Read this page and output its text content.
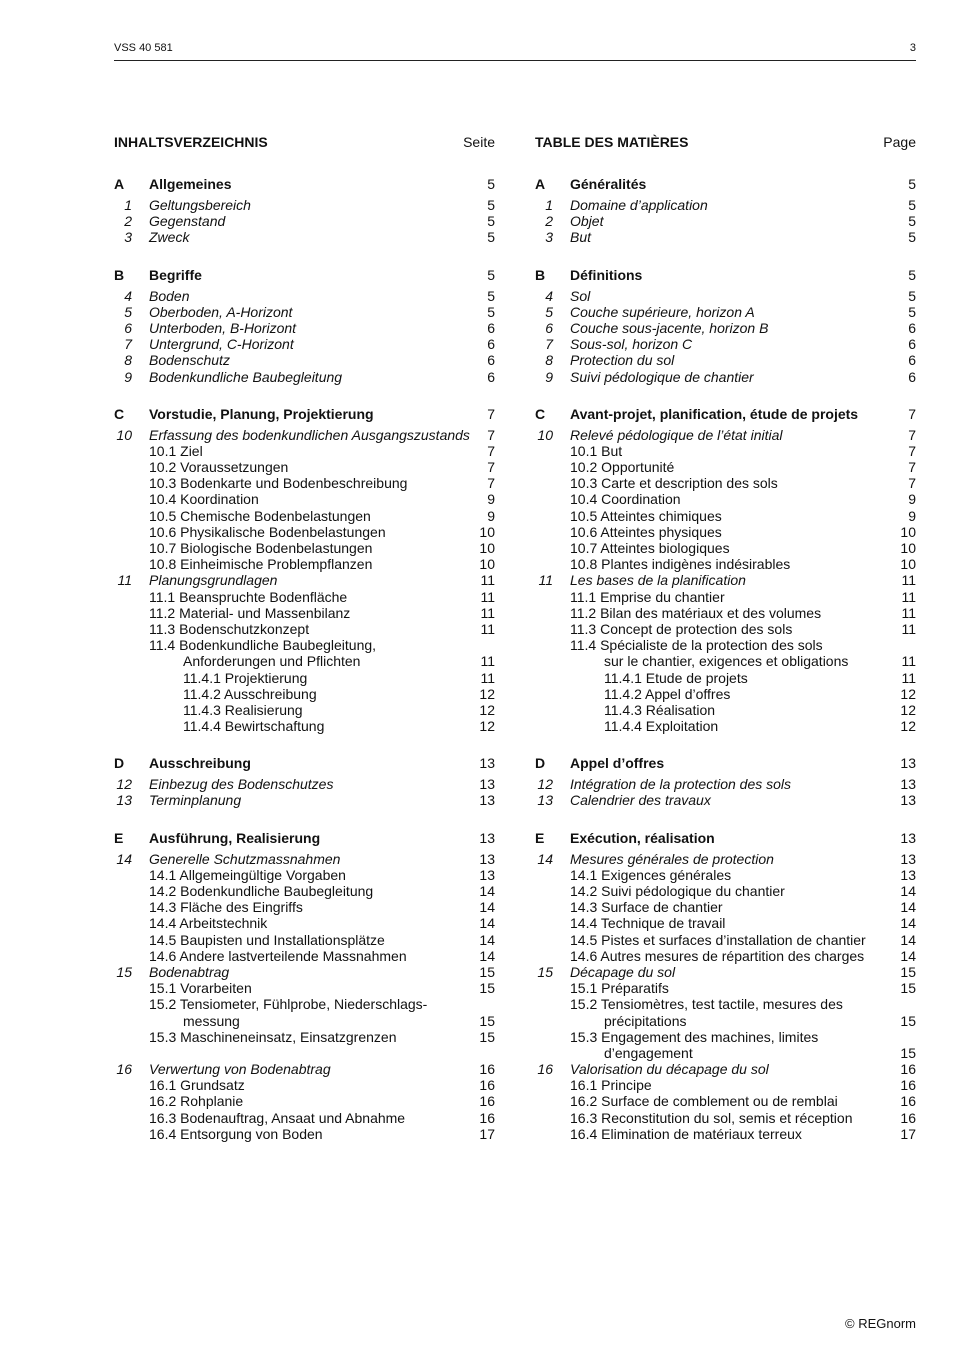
VSS 40 581	3
INHALTSVERZEICHNIS	Seite
A Allgemeines	5
1 Geltungsbereich	5
2 Gegenstand	5
3 Zweck	5
B Begriffe	5
4 Boden	5
5 Oberboden, A-Horizont	5
6 Unterboden, B-Horizont	6
7 Untergrund, C-Horizont	6
8 Bodenschutz	6
9 Bodenkundliche Baubegleitung	6
C Vorstudie, Planung, Projektierung	7
10 Erfassung des bodenkundlichen Ausgangszustands 7
10.1 Ziel	7
10.2 Voraussetzungen	7
10.3 Bodenkarte und Bodenbeschreibung	7
10.4 Koordination	9
10.5 Chemische Bodenbelastungen	9
10.6 Physikalische Bodenbelastungen	10
10.7 Biologische Bodenbelastungen	10
10.8 Einheimische Problempflanzen	10
11 Planungsgrundlagen	11
11.1 Beanspruchte Bodenfläche	11
11.2 Material- und Massenbilanz	11
11.3 Bodenschutzkonzept	11
11.4 Bodenkundliche Baubegleitung,
Anforderungen und Pflichten	11
11.4.1 Projektierung	11
11.4.2 Ausschreibung	12
11.4.3 Realisierung	12
11.4.4 Bewirtschaftung	12
D Ausschreibung	13
12 Einbezug des Bodenschutzes	13
13 Terminplanung	13
E Ausführung, Realisierung	13
14 Generelle Schutzmassnahmen	13
14.1 Allgemeingültige Vorgaben	13
14.2 Bodenkundliche Baubegleitung	14
14.3 Fläche des Eingriffs	14
14.4 Arbeitstechnik	14
14.5 Baupisten und Installationsplätze	14
14.6 Andere lastverteilende Massnahmen	14
15 Bodenabtrag	15
15.1 Vorarbeiten	15
15.2 Tensiometer, Fühlprobe, Niederschlags-
messung	15
15.3 Maschineneinsatz, Einsatzgrenzen	15
16 Verwertung von Bodenabtrag	16
16.1 Grundsatz	16
16.2 Rohplanie	16
16.3 Bodenauftrag, Ansaat und Abnahme	16
16.4 Entsorgung von Boden	17
TABLE DES MATIÈRES	Page
A Généralités	5
1 Domaine d’application	5
2 Objet	5
3 But	5
B Définitions	5
4 Sol	5
5 Couche supérieure, horizon A	5
6 Couche sous-jacente, horizon B	6
7 Sous-sol, horizon C	6
8 Protection du sol	6
9 Suivi pédologique de chantier	6
C Avant-projet, planification, étude de projets	7
10 Relevé pédologique de l’état initial	7
10.1 But	7
10.2 Opportunité	7
10.3 Carte et description des sols	7
10.4 Coordination	9
10.5 Atteintes chimiques	9
10.6 Atteintes physiques	10
10.7 Atteintes biologiques	10
10.8 Plantes indigènes indésirables	10
11 Les bases de la planification	11
11.1 Emprise du chantier	11
11.2 Bilan des matériaux et des volumes	11
11.3 Concept de protection des sols	11
11.4 Spécialiste de la protection des sols
sur le chantier, exigences et obligations	11
11.4.1 Etude de projets	11
11.4.2 Appel d’offres	12
11.4.3 Réalisation	12
11.4.4 Exploitation	12
D Appel d’offres	13
12 Intégration de la protection des sols	13
13 Calendrier des travaux	13
E Exécution, réalisation	13
14 Mesures générales de protection	13
14.1 Exigences générales	13
14.2 Suivi pédologique du chantier	14
14.3 Surface de chantier	14
14.4 Technique de travail	14
14.5 Pistes et surfaces d’installation de chantier 14
14.6 Autres mesures de répartition des charges	14
15 Décapage du sol	15
15.1 Préparatifs	15
15.2 Tensiomètres, test tactile, mesures des
précipitations	15
15.3 Engagement des machines, limites
d’engagement	15
16 Valorisation du décapage du sol	16
16.1 Principe	16
16.2 Surface de comblement ou de remblai	16
16.3 Reconstitution du sol, semis et réception	16
16.4 Elimination de matériaux terreux	17
© REGnorm
